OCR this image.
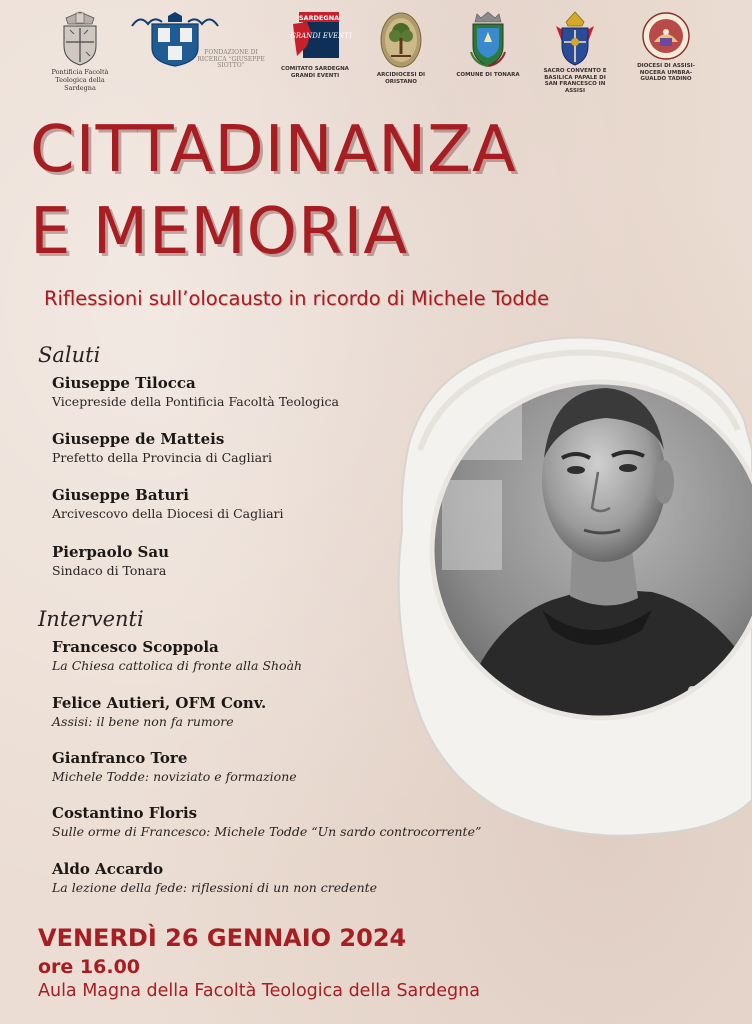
Pontificia Facoltà Teologica della Sardegna
FONDAZIONE DI RICERCA “GIUSEPPE SIOTTO”
SARDEGNA
GRANDI EVENTI
COMITATO SARDEGNA GRANDI EVENTI	ARCIDIOCESI DI ORISTANO
COMUNE DI TONARA
SACRO CONVENTO E BASILICA PAPALE DI SAN FRANCESCO IN ASSISI
DIOCESI DI ASSISI- NOCERA UMBRA- GUALDO TADINO
CITTADINANZA
E MEMORIA
Riflessioni sull’olocausto in ricordo di Michele Todde
Saluti
Giuseppe Tilocca
Vicepreside della Pontificia Facoltà Teologica
Giuseppe de Matteis
Prefetto della Provincia di Cagliari
Giuseppe Baturi
Arcivescovo della Diocesi di Cagliari
Pierpaolo Sau
Sindaco di Tonara
Interventi
Francesco Scoppola
La Chiesa cattolica di fronte alla Shoàh
Felice Autieri, OFM Conv.
Assisi: il bene non fa rumore
Gianfranco Tore
Michele Todde: noviziato e formazione
Costantino Floris
Sulle orme di Francesco: Michele Todde “Un sardo controcorrente”
Aldo Accardo
La lezione della fede: riflessioni di un non credente
VENERDÌ 26 GENNAIO 2024
ore 16.00
Aula Magna della Facoltà Teologica della Sardegna
